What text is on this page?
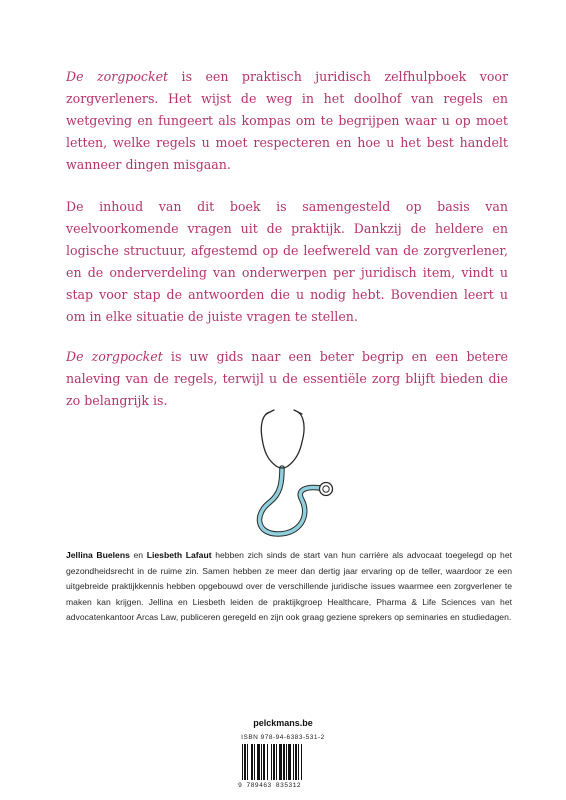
De zorgpocket is een praktisch juridisch zelfhulpboek voor zorgverleners. Het wijst de weg in het doolhof van regels en wetgeving en fungeert als kompas om te begrijpen waar u op moet letten, welke regels u moet respecteren en hoe u het best handelt wanneer dingen misgaan.

De inhoud van dit boek is samengesteld op basis van veelvoorkomende vragen uit de praktijk. Dankzij de heldere en logische structuur, afgestemd op de leefwereld van de zorgverlener, en de onderverdeling van onderwerpen per juridisch item, vindt u stap voor stap de antwoorden die u nodig hebt. Bovendien leert u om in elke situatie de juiste vragen te stellen.

De zorgpocket is uw gids naar een beter begrip en een betere naleving van de regels, terwijl u de essentiële zorg blijft bieden die zo belangrijk is.

Jellina Buelens en Liesbeth Lafaut hebben zich sinds de start van hun carrière als advocaat toegelegd op het gezondheidsrecht in de ruime zin. Samen hebben ze meer dan dertig jaar ervaring op de teller, waardoor ze een uitgebreide praktijkkennis hebben opgebouwd over de verschillende juridische issues waarmee een zorgverlener te maken kan krijgen. Jellina en Liesbeth leiden de praktijkgroep Healthcare, Pharma & Life Sciences van het advocatenkantoor Arcas Law, publiceren geregeld en zijn ook graag geziene sprekers op seminaries en studiedagen.

pelckmans.be
ISBN 978-94-6383-531-2
9 789463 835312
